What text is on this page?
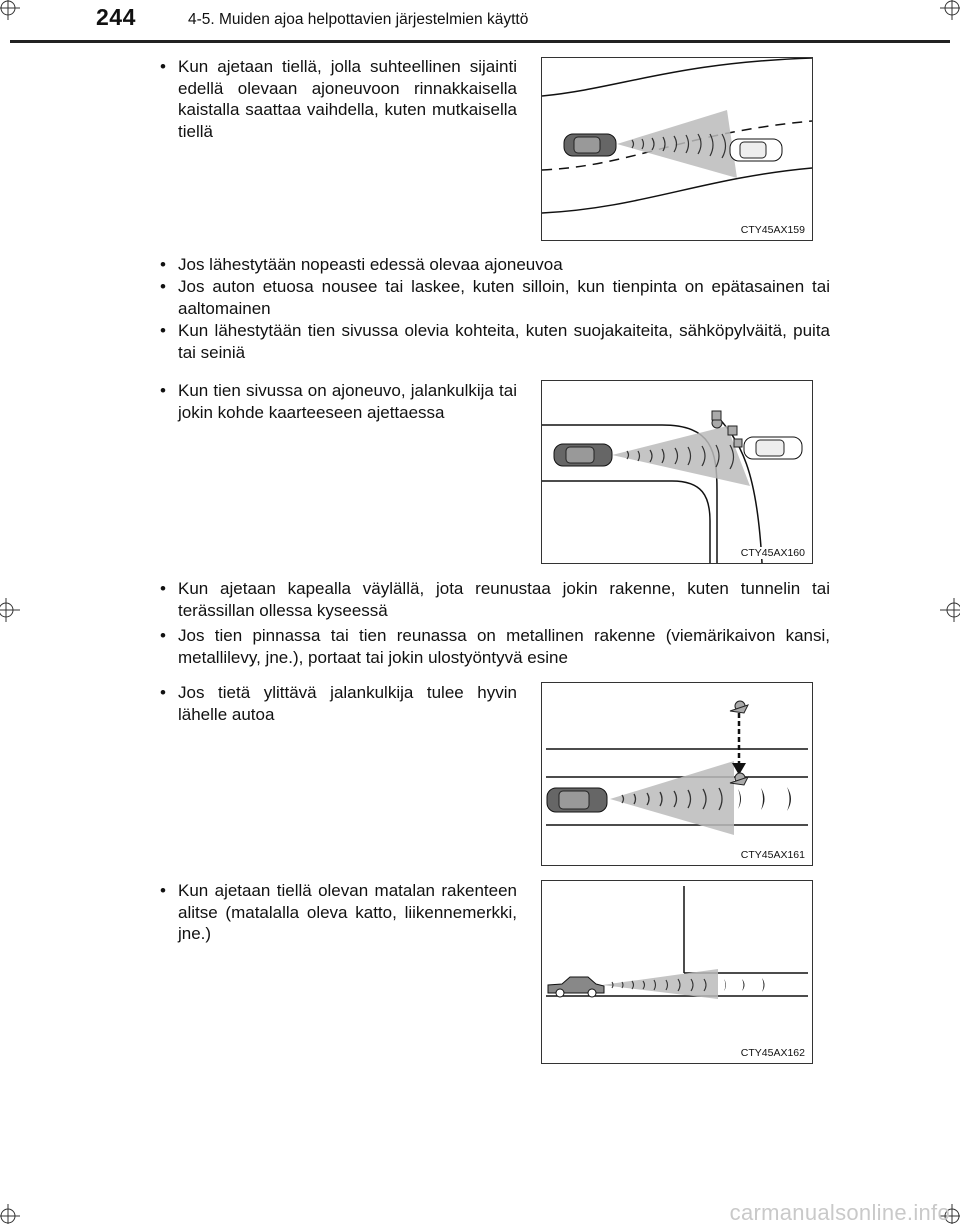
244	4-5. Muiden ajoa helpottavien järjestelmien käyttö
• Kun ajetaan tiellä, jolla suhteellinen sijainti edellä olevaan ajoneuvoon rinnakkaisella kaistalla saattaa vaihdella, kuten mutkaisella tiellä
CTY45AX159
• Jos lähestytään nopeasti edessä olevaa ajoneuvoa
• Jos auton etuosa nousee tai laskee, kuten silloin, kun tienpinta on epätasainen tai aaltomainen
• Kun lähestytään tien sivussa olevia kohteita, kuten suojakaiteita, sähköpylväitä, puita tai seiniä
• Kun tien sivussa on ajoneuvo, jalankulkija tai jokin kohde kaarteeseen ajettaessa
CTY45AX160
• Kun ajetaan kapealla väylällä, jota reunustaa jokin rakenne, kuten tunnelin tai terässillan ollessa kyseessä
• Jos tien pinnassa tai tien reunassa on metallinen rakenne (viemärikaivon kansi, metallilevy, jne.), portaat tai jokin ulostyöntyvä esine
• Jos tietä ylittävä jalankulkija tulee hyvin lähelle autoa
CTY45AX161
• Kun ajetaan tiellä olevan matalan rakenteen alitse (matalalla oleva katto, liikennemerkki, jne.)
CTY45AX162
carmanualsonline.info
